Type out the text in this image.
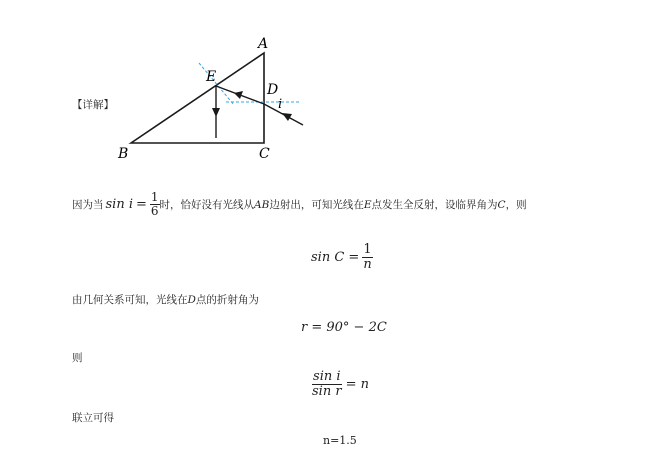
A
B	C
D
E
i
【详解】
因为当 $\sin i = \frac{1}{6}$ 时，恰好没有光线从 AB 边射出，可知光线在 E 点发生全反射，设临界角为 C ，则
$\sin C = \frac{1}{n}$
由几何关系可知，光线在D点的折射角为
r = 90° − 2C
则
$\frac{\text{sin i}}{\text{sin r}} = n$
联立可得
n=1.5
